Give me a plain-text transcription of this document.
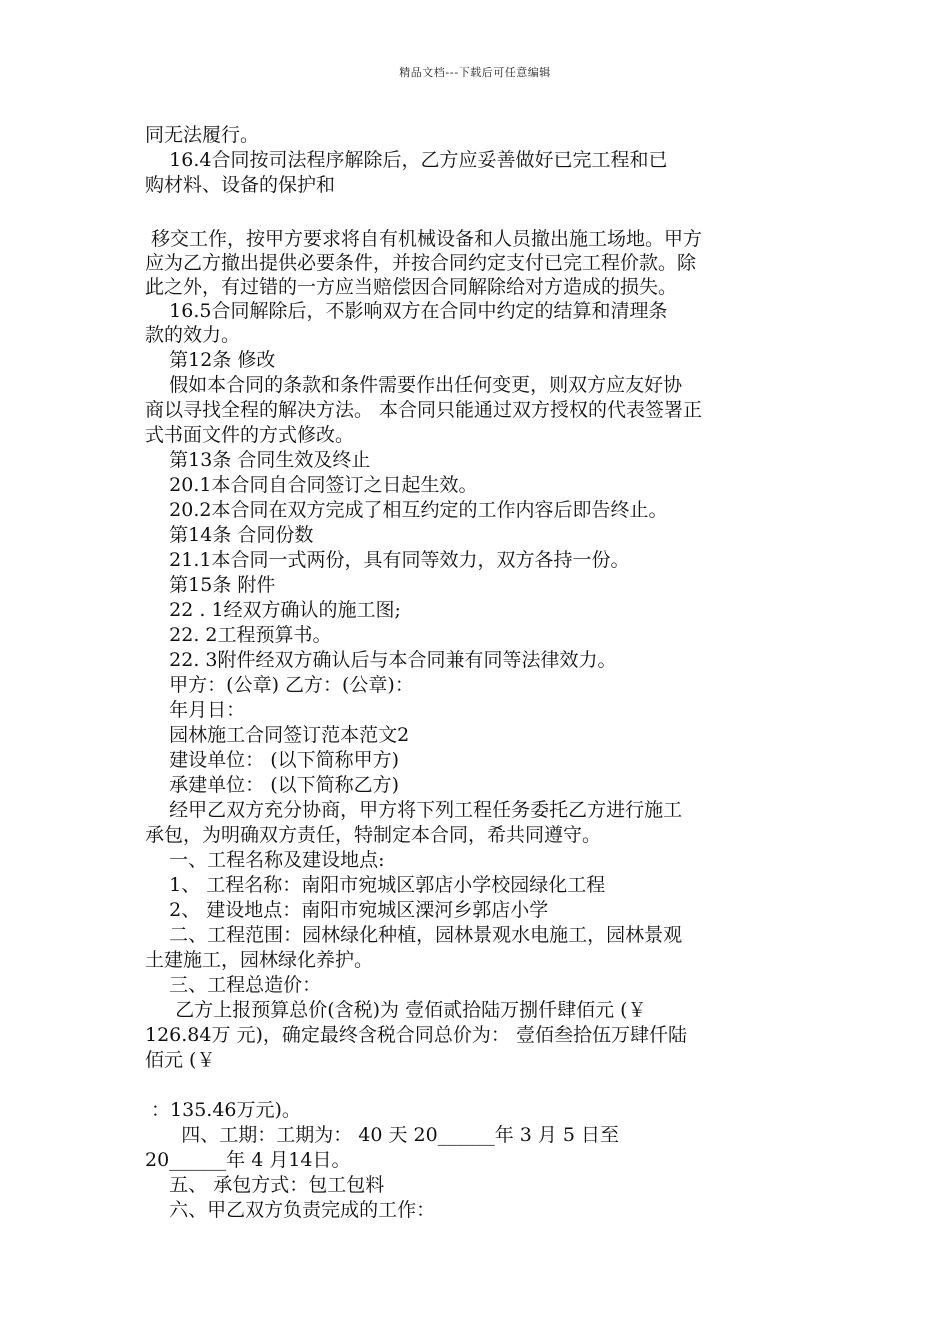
精品文档---下载后可任意编辑
同无法履行。
16.4合同按司法程序解除后，乙方应妥善做好已完工程和已
购材料、设备的保护和
移交工作，按甲方要求将自有机械设备和人员撤出施工场地。甲方
应为乙方撤出提供必要条件，并按合同约定支付已完工程价款。除
此之外，有过错的一方应当赔偿因合同解除给对方造成的损失。
16.5合同解除后，不影响双方在合同中约定的结算和清理条
款的效力。
第12条 修改
假如本合同的条款和条件需要作出任何变更，则双方应友好协
商以寻找全程的解决方法。 本合同只能通过双方授权的代表签署正
式书面文件的方式修改。
第13条 合同生效及终止
20.1本合同自合同签订之日起生效。
20.2本合同在双方完成了相互约定的工作内容后即告终止。
第14条 合同份数
21.1本合同一式两份，具有同等效力，双方各持一份。
第15条 附件
22 . 1经双方确认的施工图;
22. 2工程预算书。
22. 3附件经双方确认后与本合同兼有同等法律效力。
甲方：(公章) 乙方：(公章)：
年月日：
园林施工合同签订范本范文2
建设单位： (以下简称甲方)
承建单位： (以下简称乙方)
经甲乙双方充分协商，甲方将下列工程任务委托乙方进行施工
承包，为明确双方责任，特制定本合同，希共同遵守。
一、工程名称及建设地点:
1、 工程名称：南阳市宛城区郭店小学校园绿化工程
2、 建设地点：南阳市宛城区溧河乡郭店小学
二、工程范围：园林绿化种植，园林景观水电施工，园林景观
土建施工，园林绿化养护。
三、工程总造价：
乙方上报预算总价(含税)为 壹佰贰拾陆万捌仟肆佰元 (￥
126.84万 元)，确定最终含税合同总价为： 壹佰叁拾伍万肆仟陆
佰元 (￥
：135.46万元)。
四、工期：工期为： 40 天 20______年 3 月 5 日至
20______年 4 月14日。
五、 承包方式：包工包料
六、甲乙双方负责完成的工作：
